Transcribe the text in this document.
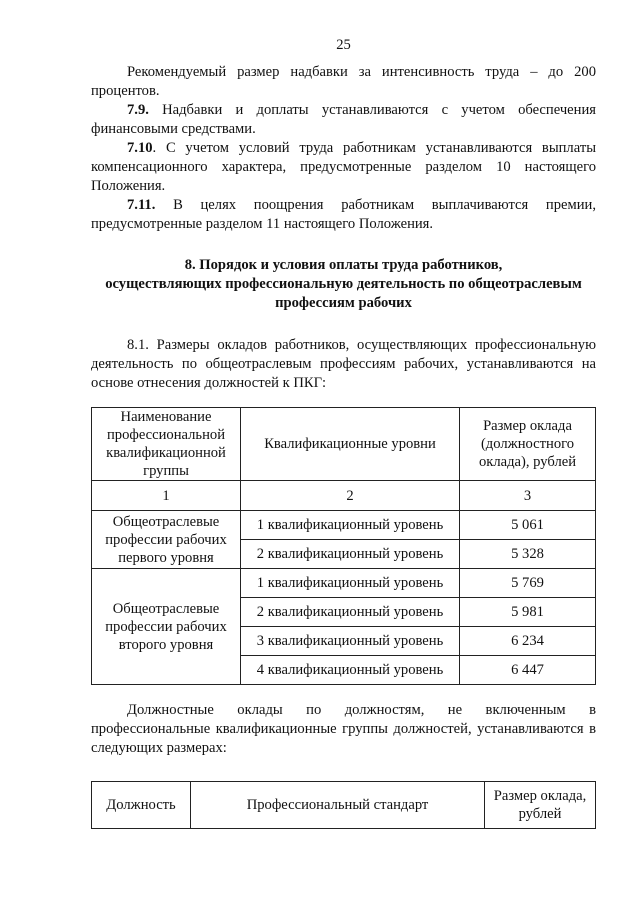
25

Рекомендуемый размер надбавки за интенсивность труда – до 200 процентов.

7.9. Надбавки и доплаты устанавливаются с учетом обеспечения финансовыми средствами.

7.10. С учетом условий труда работникам устанавливаются выплаты компенсационного характера, предусмотренные разделом 10 настоящего Положения.

7.11. В целях поощрения работникам выплачиваются премии, предусмотренные разделом 11 настоящего Положения.

8. Порядок и условия оплаты труда работников,
осуществляющих профессиональную деятельность по общеотраслевым
профессиям рабочих

8.1. Размеры окладов работников, осуществляющих профессиональную деятельность по общеотраслевым профессиям рабочих, устанавливаются на основе отнесения должностей к ПКГ:

Наименование профессиональной квалификационной группы	Квалификационные уровни	Размер оклада (должностного оклада), рублей
1	2	3
Общеотраслевые профессии рабочих первого уровня	1 квалификационный уровень	5 061
	2 квалификационный уровень	5 328
Общеотраслевые профессии рабочих второго уровня	1 квалификационный уровень	5 769
	2 квалификационный уровень	5 981
	3 квалификационный уровень	6 234
	4 квалификационный уровень	6 447

Должностные оклады по должностям, не включенным в профессиональные квалификационные группы должностей, устанавливаются в следующих размерах:

Должность	Профессиональный стандарт	Размер оклада, рублей
